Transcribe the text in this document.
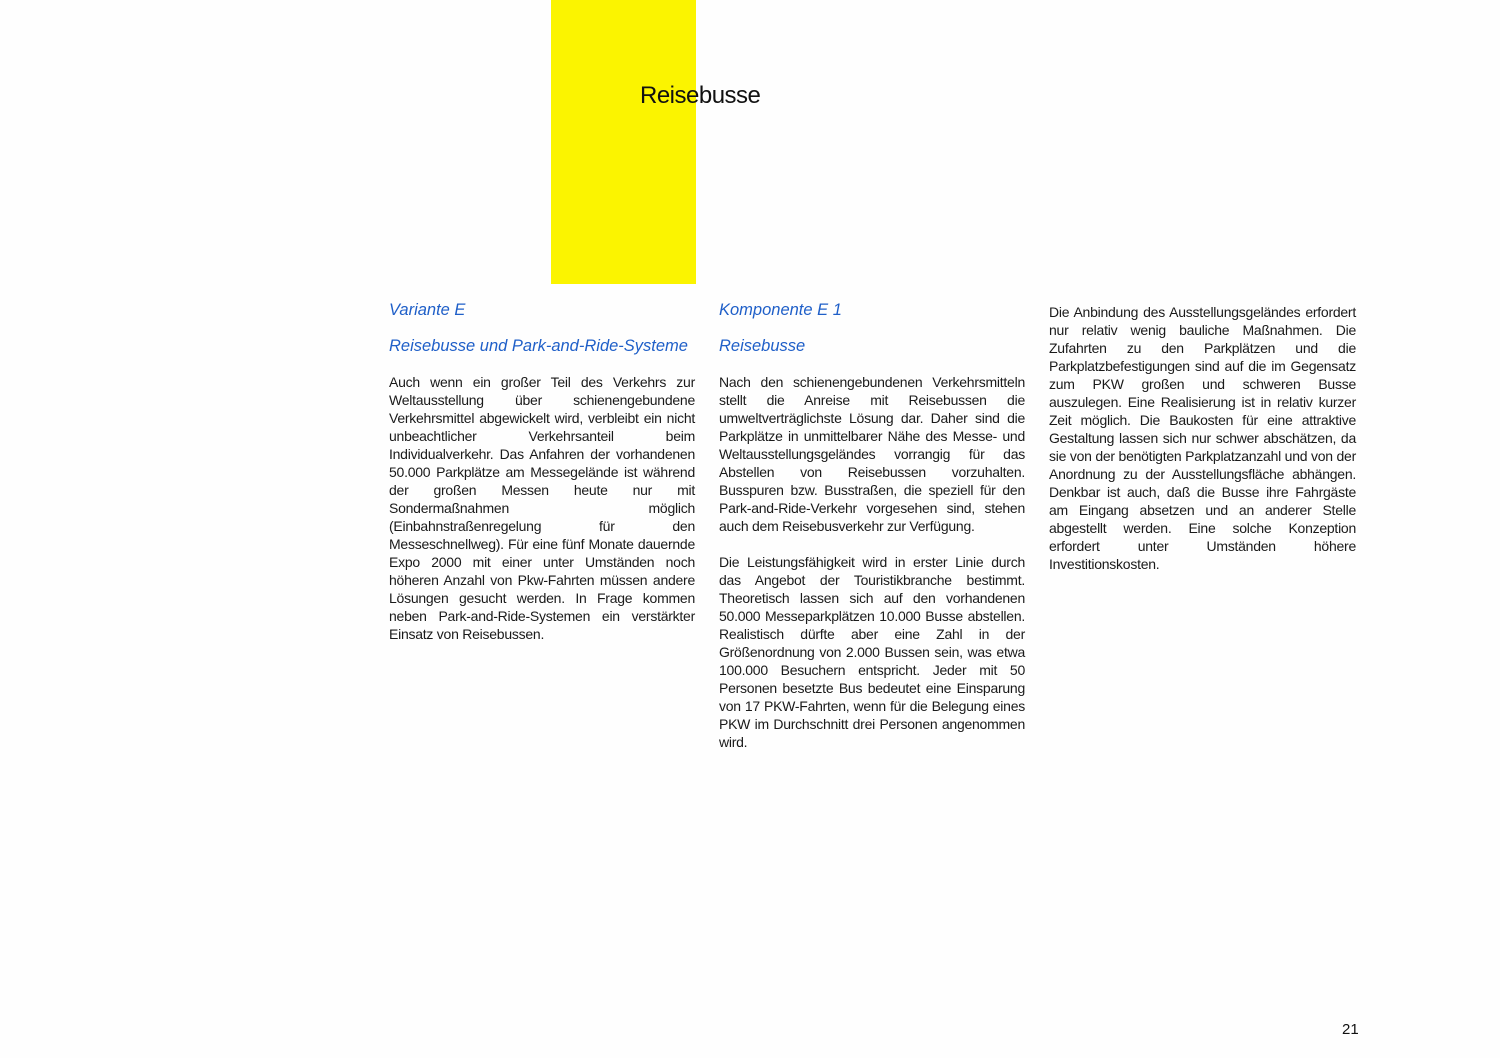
Reisebusse
Variante E
Reisebusse und Park-and-Ride-Systeme

Auch wenn ein großer Teil des Verkehrs zur Weltausstellung über schienengebundene Verkehrsmittel abgewickelt wird, verbleibt ein nicht unbeachtlicher Verkehrsanteil beim Individualverkehr. Das Anfahren der vorhandenen 50.000 Parkplätze am Messegelände ist während der großen Messen heute nur mit Sondermaßnahmen möglich (Einbahnstraßenregelung für den Messeschnellweg). Für eine fünf Monate dauernde Expo 2000 mit einer unter Umständen noch höheren Anzahl von Pkw-Fahrten müssen andere Lösungen gesucht werden. In Frage kommen neben Park-and-Ride-Systemen ein verstärkter Einsatz von Reisebussen.

Komponente E 1
Reisebusse

Nach den schienengebundenen Verkehrsmitteln stellt die Anreise mit Reisebussen die umweltverträglichste Lösung dar. Daher sind die Parkplätze in unmittelbarer Nähe des Messe- und Weltausstellungsgeländes vorrangig für das Abstellen von Reisebussen vorzuhalten. Busspuren bzw. Busstraßen, die speziell für den Park-and-Ride-Verkehr vorgesehen sind, stehen auch dem Reisebusverkehr zur Verfügung.

Die Leistungsfähigkeit wird in erster Linie durch das Angebot der Touristikbranche bestimmt. Theoretisch lassen sich auf den vorhandenen 50.000 Messeparkplätzen 10.000 Busse abstellen. Realistisch dürfte aber eine Zahl in der Größenordnung von 2.000 Bussen sein, was etwa 100.000 Besuchern entspricht. Jeder mit 50 Personen besetzte Bus bedeutet eine Einsparung von 17 PKW-Fahrten, wenn für die Belegung eines PKW im Durchschnitt drei Personen angenommen wird.

Die Anbindung des Ausstellungsgeländes erfordert nur relativ wenig bauliche Maßnahmen. Die Zufahrten zu den Parkplätzen und die Parkplatzbefestigungen sind auf die im Gegensatz zum PKW großen und schweren Busse auszulegen. Eine Realisierung ist in relativ kurzer Zeit möglich. Die Baukosten für eine attraktive Gestaltung lassen sich nur schwer abschätzen, da sie von der benötigten Parkplatzanzahl und von der Anordnung zu der Ausstellungsfläche abhängen. Denkbar ist auch, daß die Busse ihre Fahrgäste am Eingang absetzen und an anderer Stelle abgestellt werden. Eine solche Konzeption erfordert unter Umständen höhere Investitionskosten.

21
